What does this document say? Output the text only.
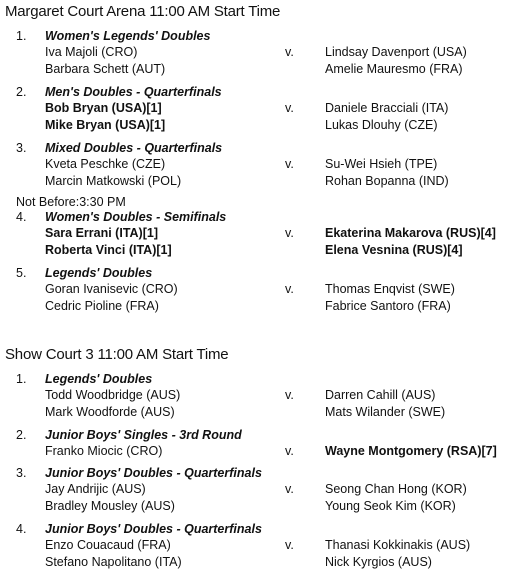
Margaret Court Arena 11:00 AM Start Time
1. Women's Legends' Doubles
Iva Majoli (CRO)	v. Lindsay Davenport (USA)
Barbara Schett (AUT)	Amelie Mauresmo (FRA)
2. Men's Doubles - Quarterfinals
Bob Bryan (USA)[1]	v. Daniele Bracciali (ITA)
Mike Bryan (USA)[1]	Lukas Dlouhy (CZE)
3. Mixed Doubles - Quarterfinals
Kveta Peschke (CZE)	v. Su-Wei Hsieh (TPE)
Marcin Matkowski (POL)	Rohan Bopanna (IND)
Not Before:3:30 PM
4. Women's Doubles - Semifinals
Sara Errani (ITA)[1]	v. Ekaterina Makarova (RUS)[4]
Roberta Vinci (ITA)[1]	Elena Vesnina (RUS)[4]
5. Legends' Doubles
Goran Ivanisevic (CRO)	v. Thomas Enqvist (SWE)
Cedric Pioline (FRA)	Fabrice Santoro (FRA)
Show Court 3 11:00 AM Start Time
1. Legends' Doubles
Todd Woodbridge (AUS)	v. Darren Cahill (AUS)
Mark Woodforde (AUS)	Mats Wilander (SWE)
2. Junior Boys' Singles - 3rd Round
Franko Miocic (CRO)	v. Wayne Montgomery (RSA)[7]
3. Junior Boys' Doubles - Quarterfinals
Jay Andrijic (AUS)	v. Seong Chan Hong (KOR)
Bradley Mousley (AUS)	Young Seok Kim (KOR)
4. Junior Boys' Doubles - Quarterfinals
Enzo Couacaud (FRA)	v. Thanasi Kokkinakis (AUS)
Stefano Napolitano (ITA)	Nick Kyrgios (AUS)
